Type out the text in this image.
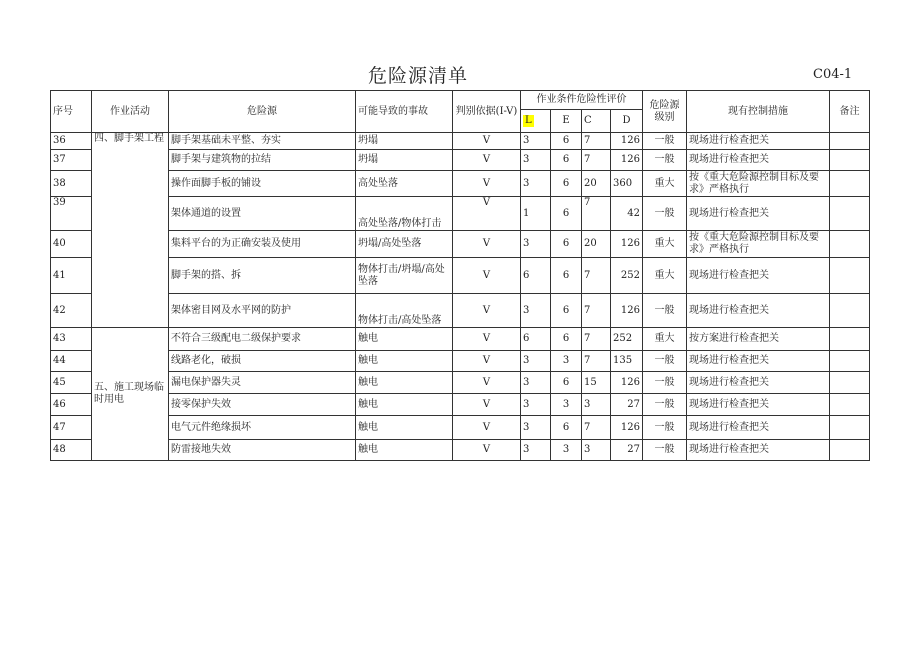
危险源清单	C04-1
序号	作业活动	危险源	可能导致的事故	判别依据(I-V)	作业条件危险性评价				危险源级别	现有控制措施	备注
					L	E	C	D			
36	四、脚手架工程	脚手架基础未平整、夯实	坍塌	V	3	6	7	126	一般	现场进行检查把关	
37		脚手架与建筑物的拉结	坍塌	V	3	6	7	126	一般	现场进行检查把关	
38		操作面脚手板的铺设	高处坠落	V	3	6	20	360	重大	按《重大危险源控制目标及要求》严格执行	
39		架体通道的设置	高处坠落/物体打击	V	1	6	7	42	一般	现场进行检查把关	
40		集料平台的为正确安装及使用	坍塌/高处坠落	V	3	6	20	126	重大	按《重大危险源控制目标及要求》严格执行	
41		脚手架的搭、拆	物体打击/坍塌/高处坠落	V	6	6	7	252	重大	现场进行检查把关	
42		架体密目网及水平网的防护	物体打击/高处坠落	V	3	6	7	126	一般	现场进行检查把关	
43	五、施工现场临时用电	不符合三级配电二级保护要求	触电	V	6	6	7	252	重大	按方案进行检查把关	
44		线路老化，破损	触电	V	3	3	7	135	一般	现场进行检查把关	
45		漏电保护器失灵	触电	V	3	6	15	126	一般	现场进行检查把关	
46		接零保护失效	触电	V	3	3	3	27	一般	现场进行检查把关	
47		电气元件绝缘损坏	触电	V	3	6	7	126	一般	现场进行检查把关	
48		防雷接地失效	触电	V	3	3	3	27	一般	现场进行检查把关	
